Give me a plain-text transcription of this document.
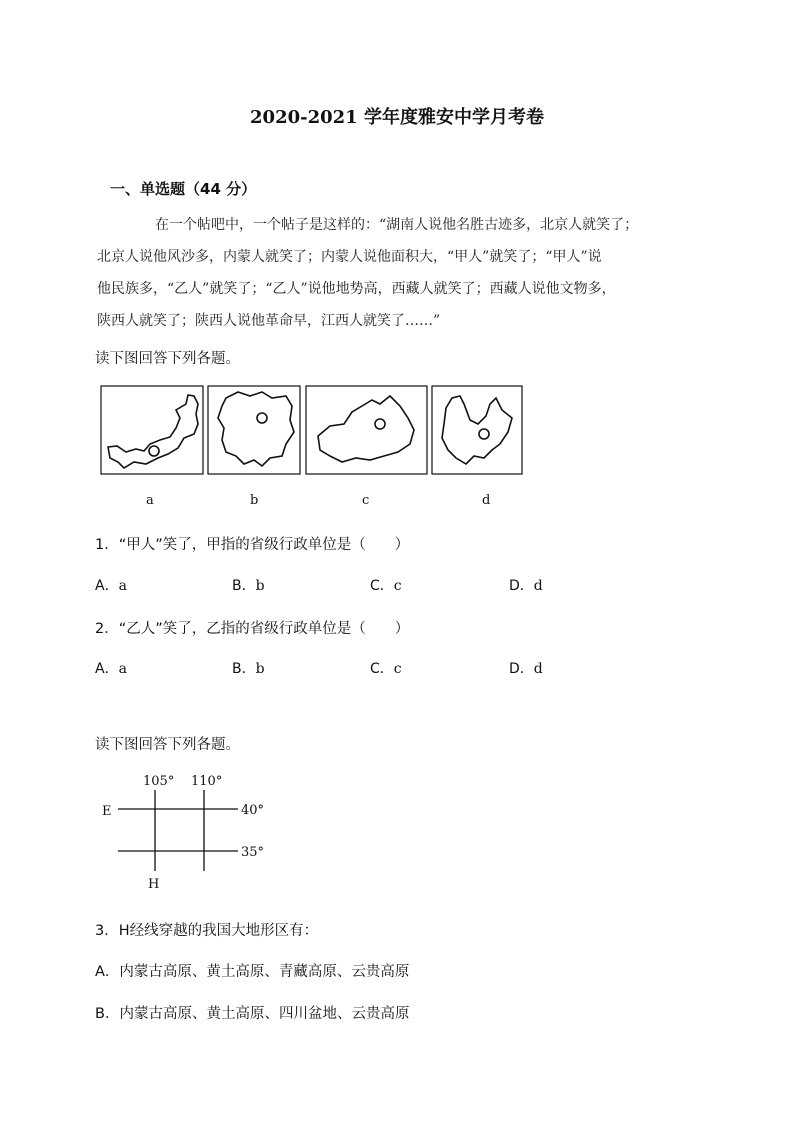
2020-2021 学年度雅安中学月考卷
一、单选题（44 分）
在一个帖吧中，一个帖子是这样的：“湖南人说他名胜古迹多，北京人就笑了；
北京人说他风沙多，内蒙人就笑了；内蒙人说他面积大，“甲人”就笑了；“甲人”说
他民族多，“乙人”就笑了；“乙人”说他地势高，西藏人就笑了；西藏人说他文物多，
陕西人就笑了；陕西人说他革命早，江西人就笑了……”
读下图回答下列各题。
a	b	c	d
1．“甲人”笑了，甲指的省级行政单位是（　　）
A．a	B．b	C．c	D．d
2．“乙人”笑了，乙指的省级行政单位是（　　）
A．a	B．b	C．c	D．d
读下图回答下列各题。
105° 110°
40°
35°
E
H
3．H经线穿越的我国大地形区有：
A．内蒙古高原、黄土高原、青藏高原、云贵高原
B．内蒙古高原、黄土高原、四川盆地、云贵高原
